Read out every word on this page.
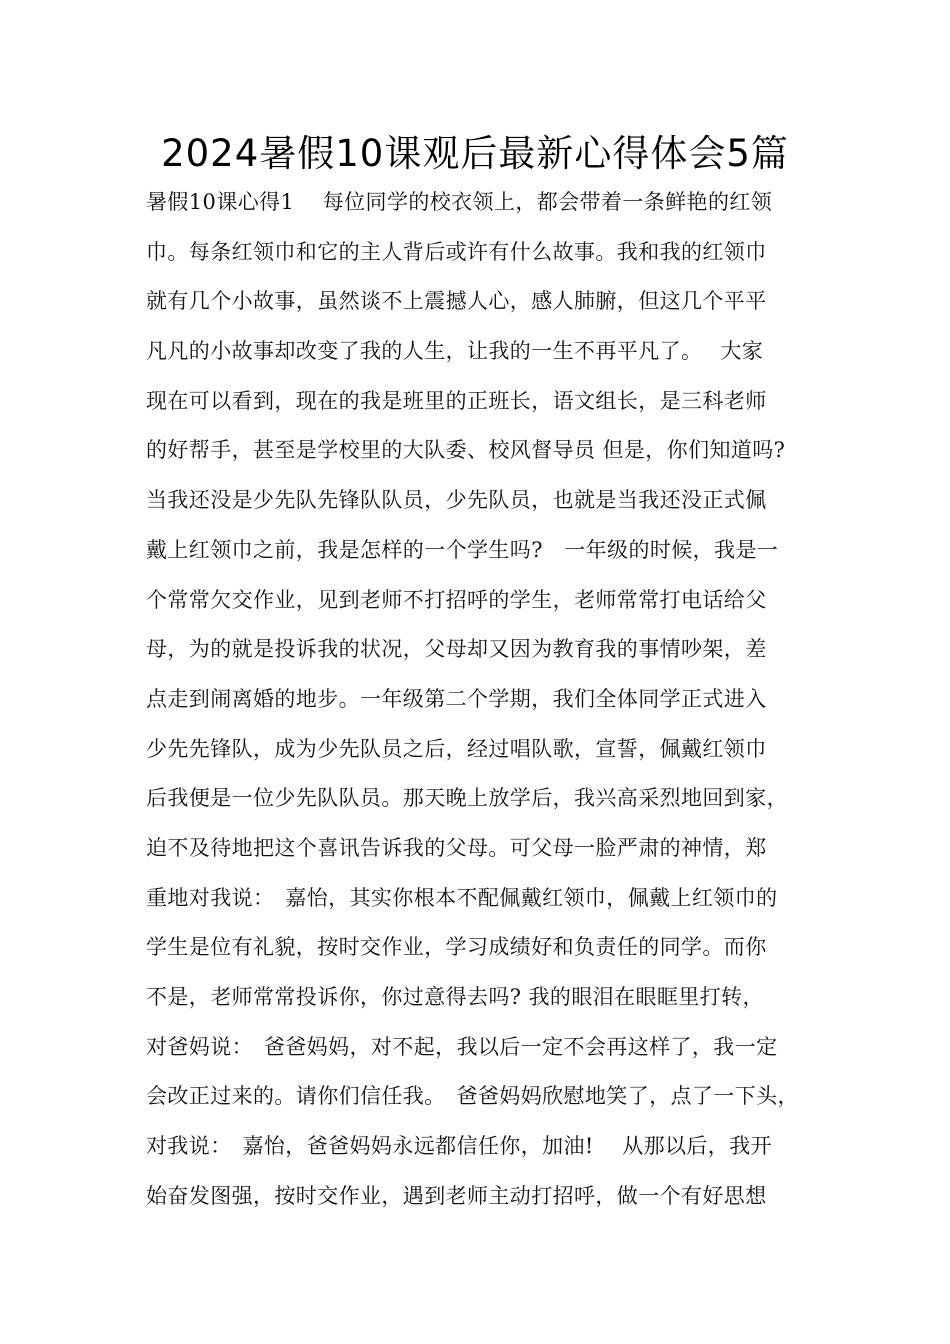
2024暑假10课观后最新心得体会5篇
暑假10课心得1　 每位同学的校衣领上，都会带着一条鲜艳的红领
巾。每条红领巾和它的主人背后或许有什么故事。我和我的红领巾
就有几个小故事，虽然谈不上震撼人心，感人肺腑，但这几个平平
凡凡的小故事却改变了我的人生，让我的一生不再平凡了。　 大家
现在可以看到，现在的我是班里的正班长，语文组长，是三科老师
的好帮手，甚至是学校里的大队委、校风督导员 但是，你们知道吗?
当我还没是少先队先锋队队员，少先队员，也就是当我还没正式佩
戴上红领巾之前，我是怎样的一个学生吗?　一年级的时候，我是一
个常常欠交作业，见到老师不打招呼的学生，老师常常打电话给父
母，为的就是投诉我的状况，父母却又因为教育我的事情吵架，差
点走到闹离婚的地步。一年级第二个学期，我们全体同学正式进入
少先先锋队，成为少先队员之后，经过唱队歌，宣誓，佩戴红领巾
后我便是一位少先队队员。那天晚上放学后，我兴高采烈地回到家，
迫不及待地把这个喜讯告诉我的父母。可父母一脸严肃的神情，郑
重地对我说：　嘉怡，其实你根本不配佩戴红领巾，佩戴上红领巾的
学生是位有礼貌，按时交作业，学习成绩好和负责任的同学。而你
不是，老师常常投诉你，你过意得去吗? 我的眼泪在眼眶里打转，
对爸妈说：　爸爸妈妈，对不起，我以后一定不会再这样了，我一定
会改正过来的。请你们信任我。　爸爸妈妈欣慰地笑了，点了一下头，
对我说：　嘉怡，爸爸妈妈永远都信任你，加油!　 从那以后，我开
始奋发图强，按时交作业，遇到老师主动打招呼，做一个有好思想
